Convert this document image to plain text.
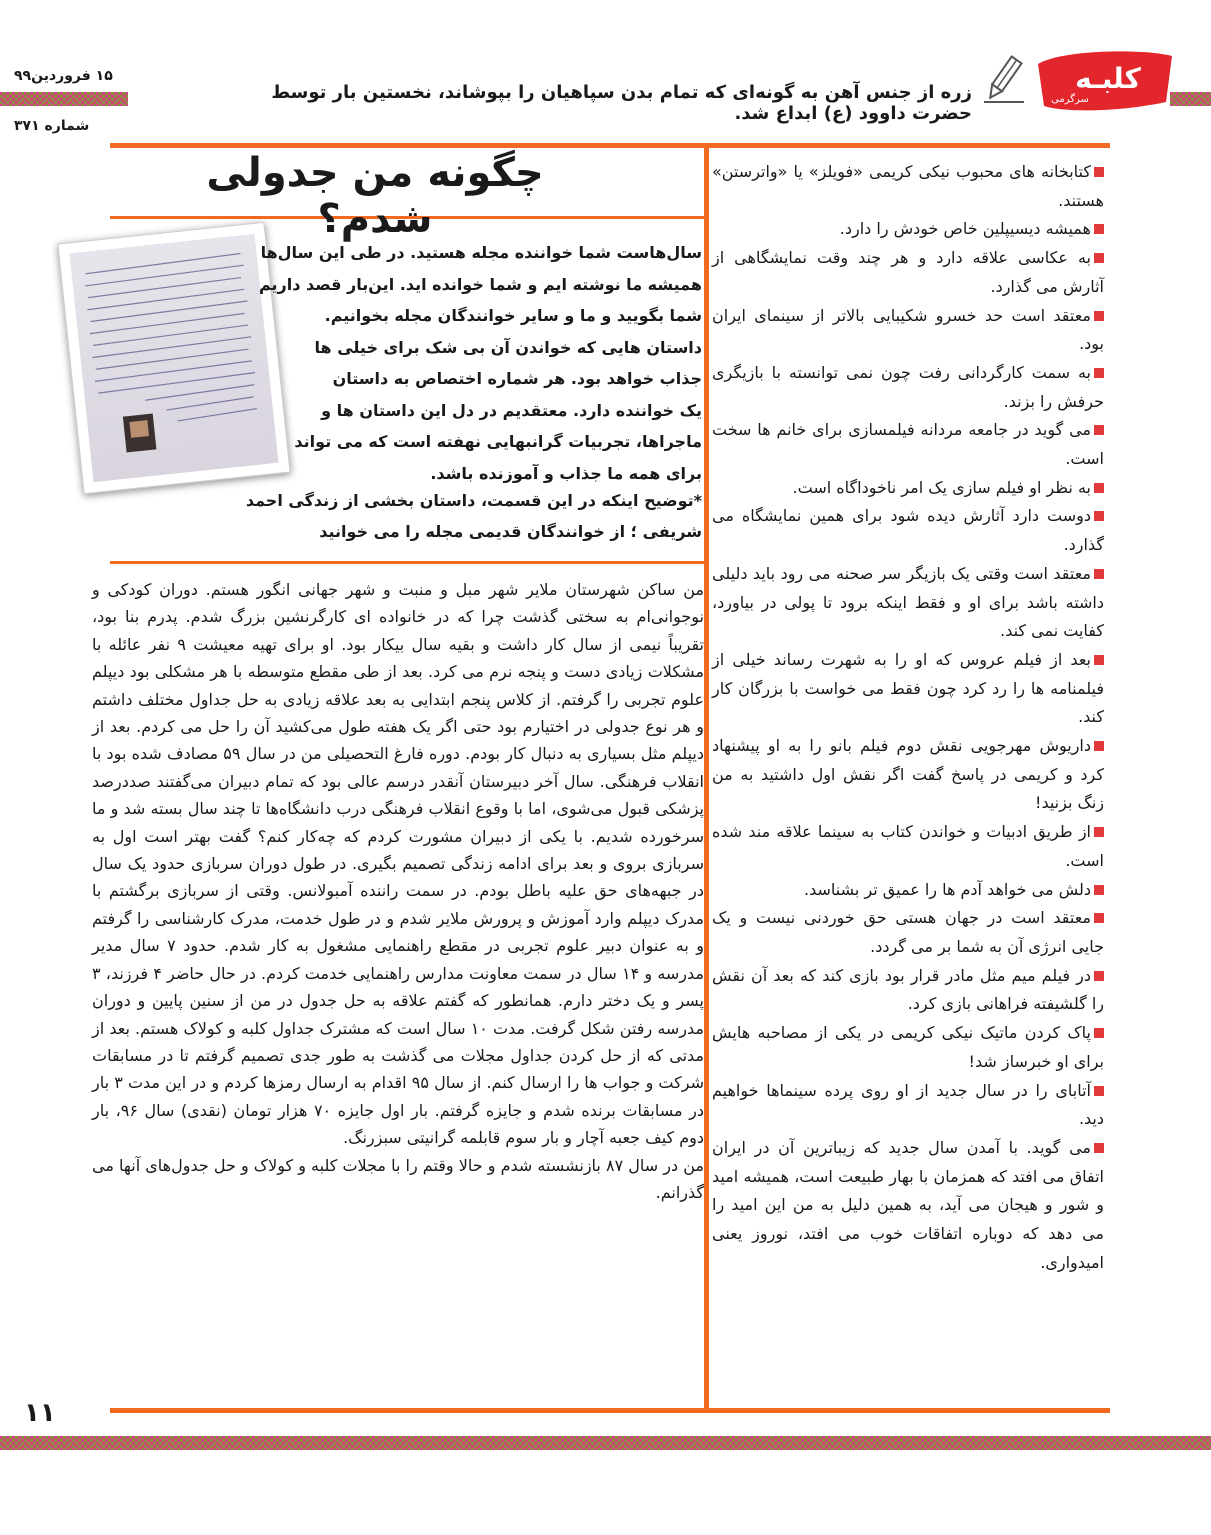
۱۵ فروردین۹۹
شماره ۳۷۱
زره از جنس آهن به گونه‌ای که تمام بدن سپاهیان را بپوشاند، نخستین بار توسط حضرت داوود (ع) ابداع شد.
کلبـه
سرگرمی
چگونه من جدولی شدم؟
سال‌هاست شما خواننده مجله هستید. در طی این سال‌ها
همیشه ما نوشته ایم و شما خوانده اید. این‌بار قصد داریم
شما بگویید و ما و سایر خوانندگان مجله بخوانیم.
داستان هایی که خواندن آن بی شک برای خیلی ها
جذاب خواهد بود. هر شماره اختصاص به داستان
یک خواننده دارد. معتقدیم در دل این داستان ها و
ماجراها، تجربیات گرانبهایی نهفته است که می تواند
برای همه ما جذاب و آموزنده باشد.
*توضیح اینکه در این قسمت، داستان بخشی از زندگی احمد
شریفی ؛ از خوانندگان قدیمی مجله را می خوانید

من ساکن شهرستان ملایر شهر مبل و منبت و شهر جهانی انگور هستم. دوران کودکی و نوجوانی‌ام به سختی گذشت چرا که در خانواده ای کارگرنشین بزرگ شدم. پدرم بنا بود، تقریباً نیمی از سال کار داشت و بقیه سال بیکار بود. او برای تهیه معیشت ۹ نفر عائله با مشکلات زیادی دست و پنجه نرم می کرد. بعد از طی مقطع متوسطه با هر مشکلی بود دیپلم علوم تجربی را گرفتم. از کلاس پنجم ابتدایی به بعد علاقه زیادی به حل جداول مختلف داشتم و هر نوع جدولی در اختیارم بود حتی اگر یک هفته طول می‌کشید آن را حل می کردم. بعد از دیپلم مثل بسیاری به دنبال کار بودم. دوره فارغ التحصیلی من در سال ۵۹ مصادف شده بود با انقلاب فرهنگی. سال آخر دبیرستان آنقدر درسم عالی بود که تمام دبیران می‌گفتند صددرصد پزشکی قبول می‌شوی، اما با وقوع انقلاب فرهنگی درب دانشگاه‌ها تا چند سال بسته شد و ما سرخورده شدیم. با یکی از دبیران مشورت کردم که چه‌کار کنم؟ گفت بهتر است اول به سربازی بروی و بعد برای ادامه زندگی تصمیم بگیری. در طول دوران سربازی حدود یک سال در جبهه‌های حق علیه باطل بودم. در سمت راننده آمبولانس. وقتی از سربازی برگشتم با مدرک دیپلم وارد آموزش و پرورش ملایر شدم و در طول خدمت، مدرک کارشناسی را گرفتم و به عنوان دبیر علوم تجربی در مقطع راهنمایی مشغول به کار شدم. حدود ۷ سال مدیر مدرسه و ۱۴ سال در سمت معاونت مدارس راهنمایی خدمت کردم. در حال حاضر ۴ فرزند، ۳ پسر و یک دختر دارم. همانطور که گفتم علاقه به حل جدول در من از سنین پایین و دوران مدرسه رفتن شکل گرفت. مدت ۱۰ سال است که مشترک جداول کلبه و کولاک هستم. بعد از مدتی که از حل کردن جداول مجلات می گذشت به طور جدی تصمیم گرفتم تا در مسابقات شرکت و جواب ها را ارسال کنم. از سال ۹۵ اقدام به ارسال رمزها کردم و در این مدت ۳ بار در مسابقات برنده شدم و جایزه گرفتم. بار اول جایزه ۷۰ هزار تومان (نقدی) سال ۹۶، بار دوم کیف جعبه آچار و بار سوم قابلمه گرانیتی سبزرنگ.

من در سال ۸۷ بازنشسته شدم و حالا وقتم را با مجلات کلبه و کولاک و حل جدول‌های آنها می گذرانم.

۱۱

کتابخانه های محبوب نیکی کریمی «فویلز» یا «واترستن» هستند.

همیشه دیسیپلین خاص خودش را دارد.

به عکاسی علاقه دارد و هر چند وقت نمایشگاهی از آثارش می گذارد.

معتقد است حد خسرو شکیبایی بالاتر از سینمای ایران بود.

به سمت کارگردانی رفت چون نمی توانسته با بازیگری حرفش را بزند.

می گوید در جامعه مردانه فیلمسازی برای خانم ها سخت است.

به نظر او فیلم سازی یک امر ناخوداگاه است.

دوست دارد آثارش دیده شود برای همین نمایشگاه می گذارد.

معتقد است وقتی یک بازیگر سر صحنه می رود باید دلیلی داشته باشد برای او و فقط اینکه برود تا پولی در بیاورد، کفایت نمی کند.

بعد از فیلم عروس که او را به شهرت رساند خیلی از فیلمنامه ها را رد کرد چون فقط می خواست با بزرگان کار کند.

داریوش مهرجویی نقش دوم فیلم بانو را به او پیشنهاد کرد و کریمی در پاسخ گفت اگر نقش اول داشتید به من زنگ بزنید!

از طریق ادبیات و خواندن کتاب به سینما علاقه مند شده است.

دلش می خواهد آدم ها را عمیق تر بشناسد.

معتقد است در جهان هستی حق خوردنی نیست و یک جایی انرژی آن به شما بر می گردد.

در فیلم میم مثل مادر قرار بود بازی کند که بعد آن نقش را گلشیفته فراهانی بازی کرد.

پاک کردن ماتیک نیکی کریمی در یکی از مصاحبه هایش برای او خبرساز شد!

آتابای را در سال جدید از او روی پرده سینماها خواهیم دید.

می گوید. با آمدن سال جدید که زیباترین آن در ایران اتفاق می افتد که همزمان با بهار طبیعت است، همیشه امید و شور و هیجان می آید، به همین دلیل به من این امید را می دهد که دوباره اتفاقات خوب می افتد، نوروز یعنی امیدواری.
